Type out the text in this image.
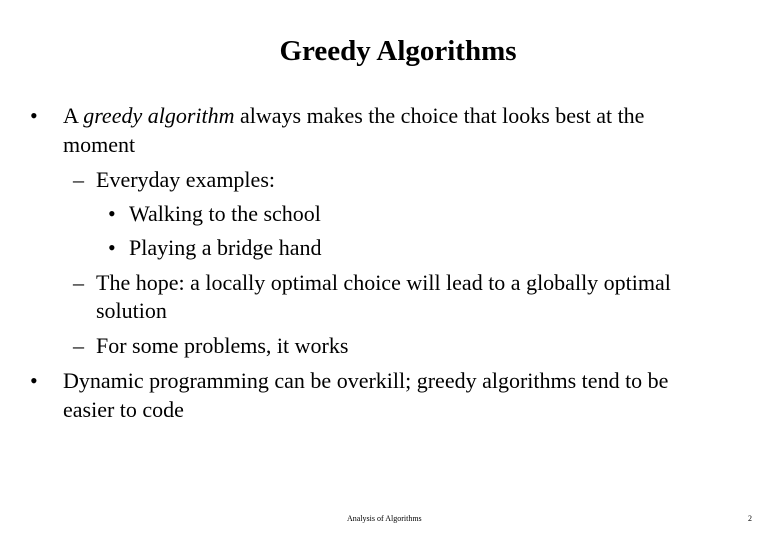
Greedy Algorithms
• A greedy algorithm always makes the choice that looks best at the
moment
– Everyday examples:
• Walking to the school
• Playing a bridge hand
– The hope: a locally optimal choice will lead to a globally optimal
solution
– For some problems, it works
• Dynamic programming can be overkill; greedy algorithms tend to be
easier to code
Analysis of Algorithms	2
